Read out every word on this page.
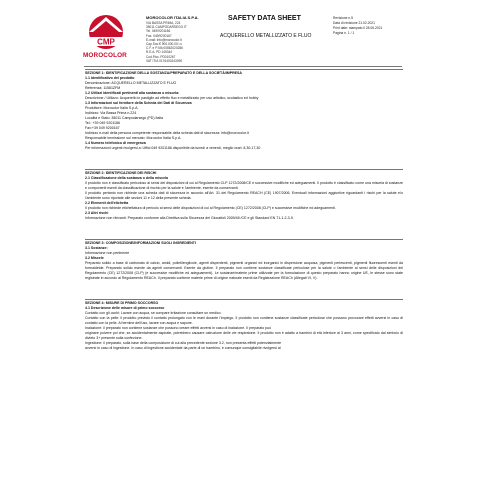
CMP
MOROCOLOR
MOROCOLOR ITALIA S.P.A.
VIA BASSA PRIMA, 224
35011 CAMPODARSEGO IT
Tel. 049/9201186
Fax. 049/9200167
E-mail: info@morocolor.it
Cap.Soc.€ 900.000,00 i.v.
C.F. e P.IVA 00862020286
R.E.A. PD 145344
Cod.Fisc. PD010267
VAT ITIA 0176400243090
SAFETY DATA SHEET
ACQUERELLO METALLIZZATO E FLUO
Revisione n.5
Data di revisione 21.02.2021
Print date: stampato il 28.06.2021
Pagina n. 1 / 1
SEZIONE 1: IDENTIFICAZIONE DELLA SOSTANZA/PREPARATO E DELLA SOCIETÀ/IMPRESA
1.1 Identificativo del prodotto

Denominazione: ACQUERELLO METALLIZZATO E FLUO

Referenza: 11581ZFM

1.2 Utilizzi identificati pertinenti alla sostanza o miscela:

Descrizione / Utilizzo: Acquerello in pastiglie ad effetto fluo e metallizzato per uso artistico, scolastico ed hobby

1.3 Informazioni sul fornitore della Scheda dei Dati di Sicurezza

Produttore: Morocolor Italia S.p.A.

Indirizzo: Via Bassa Prima n.224

Località e Stato: 35011 Campodarsego (PD) Italia

Tel.: +39 049 9201186

Fax:+39 049 9200167

Indirizzo e-mail della persona competente responsabile della scheda dati di sicurezza: info@morocolor.it

Responsabile immissione sul mercato: Morocolor Italia S.p.A.

1.4 Numero telefonico di emergenza

Per informazioni urgenti rivolgersi a: Uffici 049 9201186 disponibile da lunedì a venerdì, meglio orari: 8,30-17,30

SEZIONE 2: IDENTIFICAZIONE DEI RISCHI
2.1 Classificazione della sostanza o della miscela

Il prodotto non è classificato pericoloso ai sensi dei disposizioni di cui al Regolamento CLP 1272/2008/CE e successive modifiche ed adeguamenti. Il prodotto è classificato come una miscela di sostanze e componenti esenti da classificazione di rischio per la salute e l'ambiente, esente da conservanti.

Il prodotto pertanto non richiede una scheda dati di sicurezza in accordo all'Art. 31 del Regolamento REACH (CE) 1907/2006. Eventuali informazioni aggiuntive riguardanti i rischi per la salute e/o l'ambiente sono riportate alle sezioni 11 e 12 della presente scheda.

2.2 Elementi dell'etichetta

Il prodotto non richiede etichettatura di pericolo ai sensi delle disposizioni di cui al Regolamento (CE) 1272/2008 (CLP) e successive modifiche ed adeguamenti.

2.3 Altri rischi

Informazione non rilevanti. Preparato conforme alla Direttiva sulla Sicurezza dei Giocattoli 2009/48 /CE e gli Standard EN 71-1-2-3-9.

SEZIONE 3: COMPOSIZIONE/INFORMAZIONI SUGLI INGREDIENTI
3.1 Sostanze:

Informazione non pertinente

3.2 Miscele

Preparato solido a base di carbonato di calcio, amidi, polietilenglicole, agenti disperdenti, pigmenti organici ed inorganici in dispersione acquosa, pigmenti perlescenti, pigmenti fluorescenti esenti da formaldeide. Preparato solido esente da agenti conservanti. Esente da glutine. Il preparato non contiene sostanze classificate pericolose per la salute o l'ambiente ai sensi delle disposizioni del Regolamento (CE) 1272/2008 (CLP) (e successive modifiche ed adeguamenti). Le sostanze/materie prime utilizzate per la formulazione di questo preparato hanno origine UE, le stesse sono state registrate in accordo al Regolamento REACh. Il preparato contiene materie prime di origine naturale esenti da Registrazione REACh (Allegati VI, V).

SEZIONE 4: MISURE DI PRIMO SOCCORSO
4.1 Descrizione delle misure di primo soccorso

Contatto con gli occhi: Lavare con acqua, se compare irritazione consultare un medico.

Contatto con la pelle: il prodotto previsto il contatto prolungato con le mani durante l'impiego. Il prodotto non contiene sostanze classificate pericolose che possano provocare effetti avversi in caso di contatto con la pelle. Al termine dell'uso, lavare con acqua e sapone.

Inalazione: il preparato non contiene sostanze che possono creare effetti avversi in caso di inalazione. Il preparato può

originare polvere poi che, se accidentalmente aspirate, potrebbero causare ostruzione delle vie respiratorie. Il prodotto non è adatto a bambini di età inferiore ai 3 anni, come specificato dal simbolo di divieto 3+ presente sulla confezione.

Ingestione: il preparato, sulla base della composizione di cui alla precedente sezione 3.2, non presenta effetti potenzialmente

avversi in caso di ingestione. In caso di ingestione accidentale da parte di un bambino, è comunque consigliabile rivolgersi al
